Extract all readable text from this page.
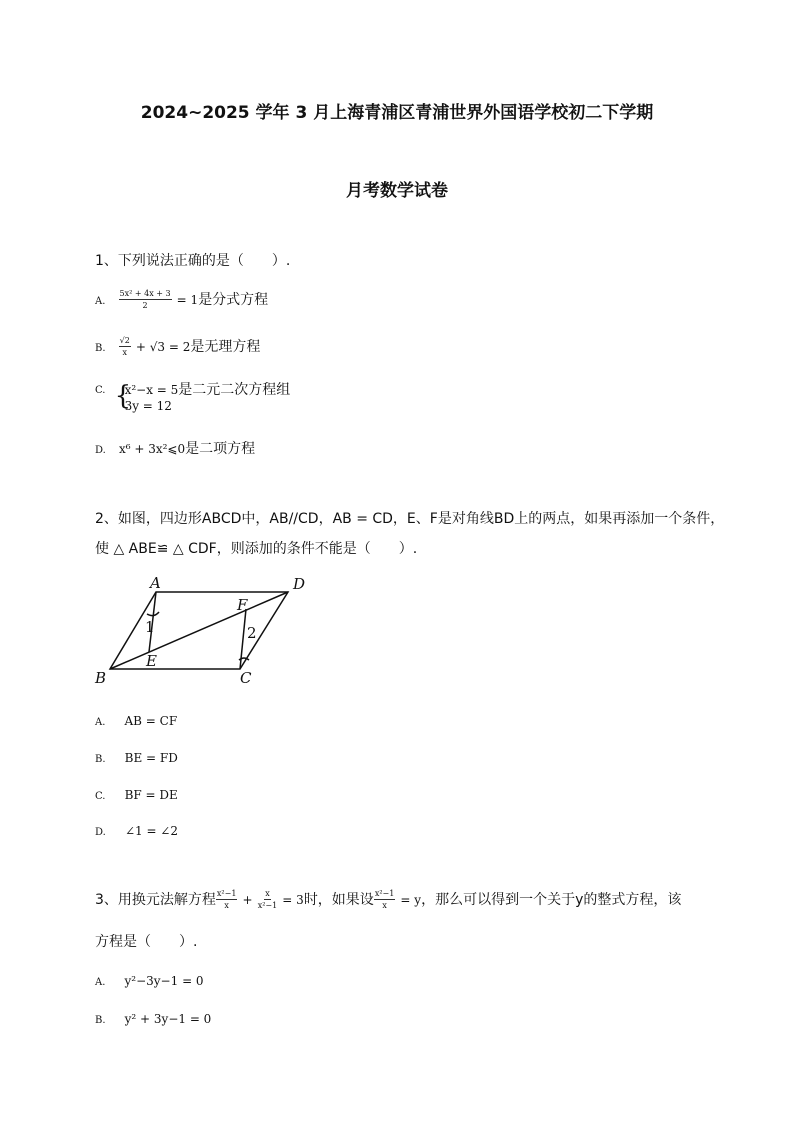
2024~2025 学年 3 月上海青浦区青浦世界外国语学校初二下学期
月考数学试卷
1、下列说法正确的是（　　）.
A. $\frac{\text{5x² + 4x + 3}}{2} = 1$是分式方程
B. $\frac{√2}{x} + √3 = 2$是无理方程
$^{C.}$ {
x²−x = 5是二元二次方程组
3y = 12
D. x⁶ + 3x²⩽0是二项方程
2、如图，四边形ABCD中，AB//CD，AB = CD，E、F是对角线BD上的两点，如果再添加一个条件，
使 △ ABE≌ △ CDF，则添加的条件不能是（　　）.
A	D
F
E
B	C
1	2
A. AB = CF
B. BE = FD
C. BF = DE
D. ∠1 = ∠2
3、用换元法解方程 $\frac{\text{x²−1}}{x} + \frac{x}{\text{x²−1}} = 3$时，如果设 $\frac{\text{x²−1}}{x} = y$，那么可以得到一个关于y的整式方程，该
方程是（　　）.
A. y²−3y−1 = 0
B. y² + 3y−1 = 0
